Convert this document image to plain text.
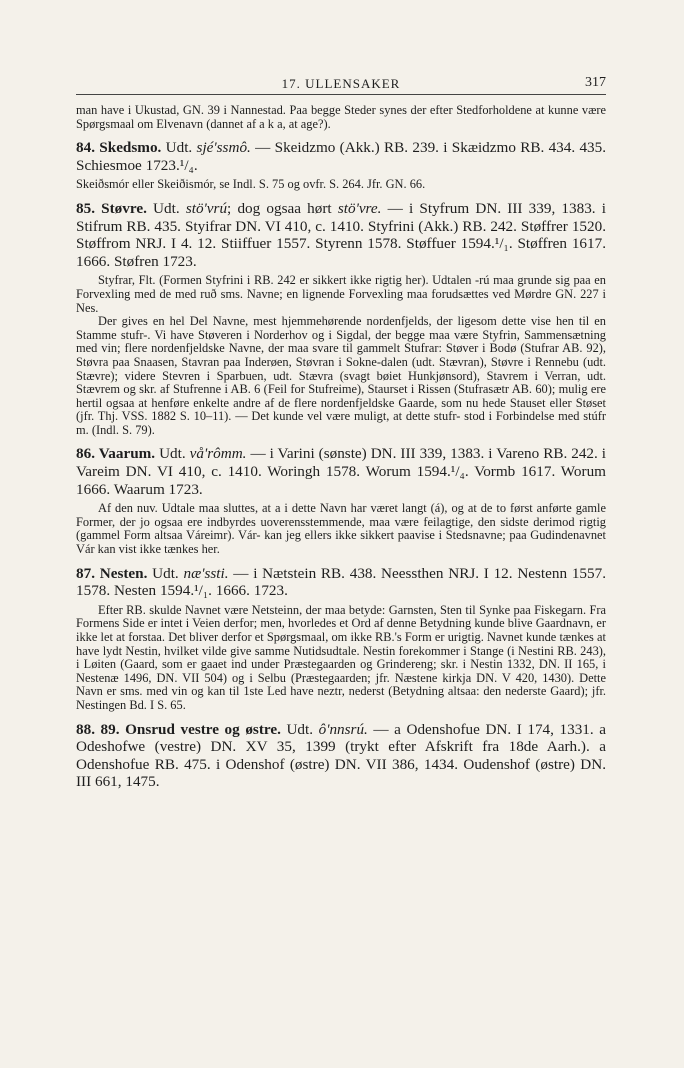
17. ULLENSAKER	317

man have i Ukustad, GN. 39 i Nannestad. Paa begge Steder synes der efter Stedforholdene at kunne være Spørgsmaal om Elvenavn (dannet af a k a, at age?).

84. Skedsmo. Udt. sjé'ssmô. — Skeidzmo (Akk.) RB. 239. i Skæidzmo RB. 434. 435. Schiesmoe 1723.¹/₄.

Skeiðsmór eller Skeiðismór, se Indl. S. 75 og ovfr. S. 264. Jfr. GN. 66.

85. Støvre. Udt. stö'vrú; dog ogsaa hørt stö'vre. — i Styfrum DN. III 339, 1383. i Stifrum RB. 435. Styifrar DN. VI 410, c. 1410. Styfrini (Akk.) RB. 242. Støffrer 1520. Støffrom NRJ. I 4. 12. Stiiffuer 1557. Styrenn 1578. Støffuer 1594.¹/₁. Støffren 1617. 1666. Støfren 1723.

Styfrar, Flt. (Formen Styfrini i RB. 242 er sikkert ikke rigtig her). Udtalen -rú maa grunde sig paa en Forvexling med de med ruð sms. Navne; en lignende Forvexling maa forudsættes ved Mørdre GN. 227 i Nes.

Der gives en hel Del Navne, mest hjemmehørende nordenfjelds, der ligesom dette vise hen til en Stamme stufr-. Vi have Støveren i Norderhov og i Sigdal, der begge maa være Styfrin, Sammensætning med vin; flere nordenfjeldske Navne, der maa svare til gammelt Stufrar: Støver i Bodø (Stufrar AB. 92), Støvra paa Snaasen, Stavran paa Inderøen, Støvran i Sokne-dalen (udt. Stævran), Støvre i Rennebu (udt. Stævre); videre Stevren i Sparbuen, udt. Stævra (svagt bøiet Hunkjønsord), Stavrem i Verran, udt. Stævrem og skr. af Stufrenne i AB. 6 (Feil for Stufreime), Staurset i Rissen (Stufrasætr AB. 60); mulig ere hertil ogsaa at henføre enkelte andre af de flere nordenfjeldske Gaarde, som nu hede Stauset eller Støset (jfr. Thj. VSS. 1882 S. 10–11). — Det kunde vel være muligt, at dette stufr- stod i Forbindelse med stúfr m. (Indl. S. 79).

86. Vaarum. Udt. vå'rômm. — i Varini (sønste) DN. III 339, 1383. i Vareno RB. 242. i Vareim DN. VI 410, c. 1410. Woringh 1578. Worum 1594.¹/₄. Vormb 1617. Worum 1666. Waarum 1723.

Af den nuv. Udtale maa sluttes, at a i dette Navn har været langt (á), og at de to først anførte gamle Former, der jo ogsaa ere indbyrdes uoverensstemmende, maa være feilagtige, den sidste derimod rigtig (gammel Form altsaa Váreimr). Vár- kan jeg ellers ikke sikkert paavise i Stedsnavne; paa Gudindenavnet Vár kan vist ikke tænkes her.

87. Nesten. Udt. næ'ssti. — i Nætstein RB. 438. Neessthen NRJ. I 12. Nestenn 1557. 1578. Nesten 1594.¹/₁. 1666. 1723.

Efter RB. skulde Navnet være Netsteinn, der maa betyde: Garnsten, Sten til Synke paa Fiskegarn. Fra Formens Side er intet i Veien derfor; men, hvorledes et Ord af denne Betydning kunde blive Gaardnavn, er ikke let at forstaa. Det bliver derfor et Spørgsmaal, om ikke RB.'s Form er urigtig. Navnet kunde tænkes at have lydt Nestin, hvilket vilde give samme Nutidsudtale. Nestin forekommer i Stange (i Nestini RB. 243), i Løiten (Gaard, som er gaaet ind under Præstegaarden og Grindereng; skr. i Nestin 1332, DN. II 165, i Nestenæ 1496, DN. VII 504) og i Selbu (Præstegaarden; jfr. Næstene kirkja DN. V 420, 1430). Dette Navn er sms. med vin og kan til 1ste Led have neztr, nederst (Betydning altsaa: den nederste Gaard); jfr. Nestingen Bd. I S. 65.

88. 89. Onsrud vestre og østre. Udt. ô'nnsrú. — a Odenshofue DN. I 174, 1331. a Odeshofwe (vestre) DN. XV 35, 1399 (trykt efter Afskrift fra 18de Aarh.). a Odenshofue RB. 475. i Odenshof (østre) DN. VII 386, 1434. Oudenshof (østre) DN. III 661, 1475.
